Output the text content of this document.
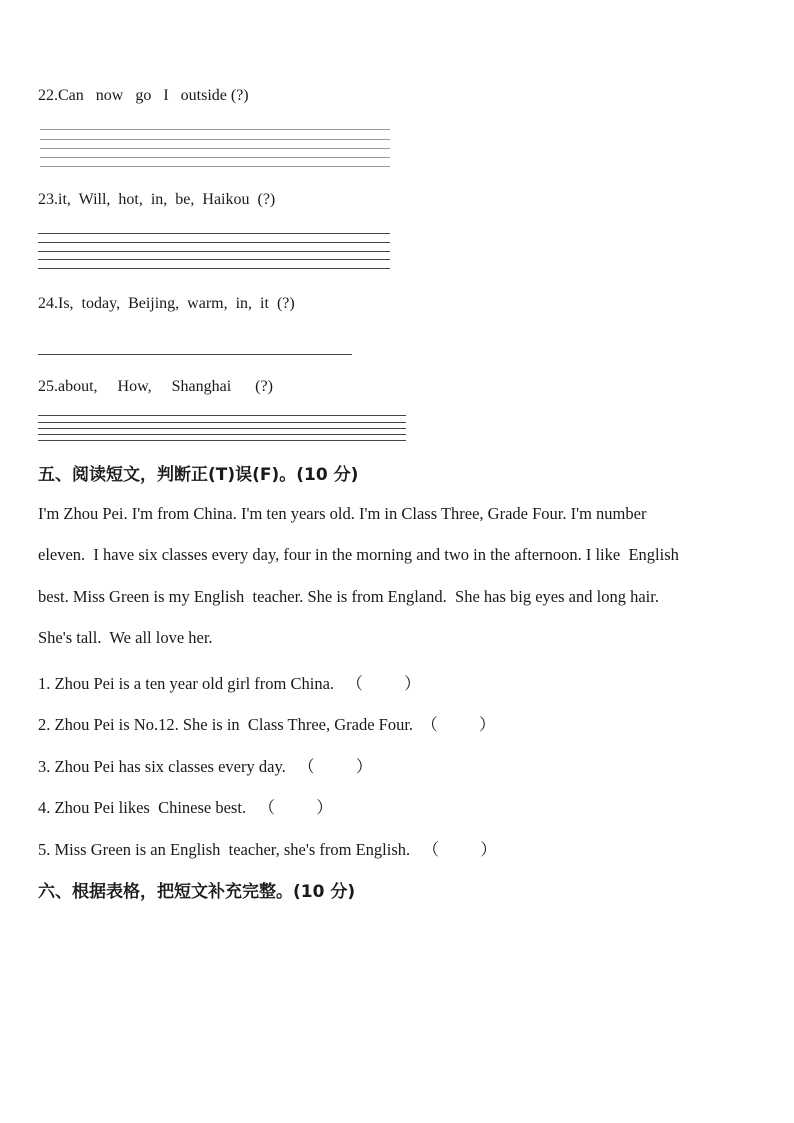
22.Can   now   go   I   outside (?)
23.it,  Will,  hot,  in,  be,  Haikou  (?)
24.Is,  today,  Beijing,  warm,  in,  it  (?)
25.about,     How,     Shanghai      (?)
五、阅读短文，判断正(T)误(F)。(10 分)
I'm Zhou Pei. I'm from China. I'm ten years old. I'm in Class Three, Grade Four. I'm number
eleven.  I have six classes every day, four in the morning and two in the afternoon. I like  English
best. Miss Green is my English  teacher. She is from England.  She has big eyes and long hair.
She's tall.  We all love her.
1. Zhou Pei is a ten year old girl from China.   （          ）
2. Zhou Pei is No.12. She is in  Class Three, Grade Four.  （          ）
3. Zhou Pei has six classes every day.   （          ）
4. Zhou Pei likes  Chinese best.   （          ）
5. Miss Green is an English  teacher, she's from English.   （          ）
六、根据表格，把短文补充完整。(10 分)
